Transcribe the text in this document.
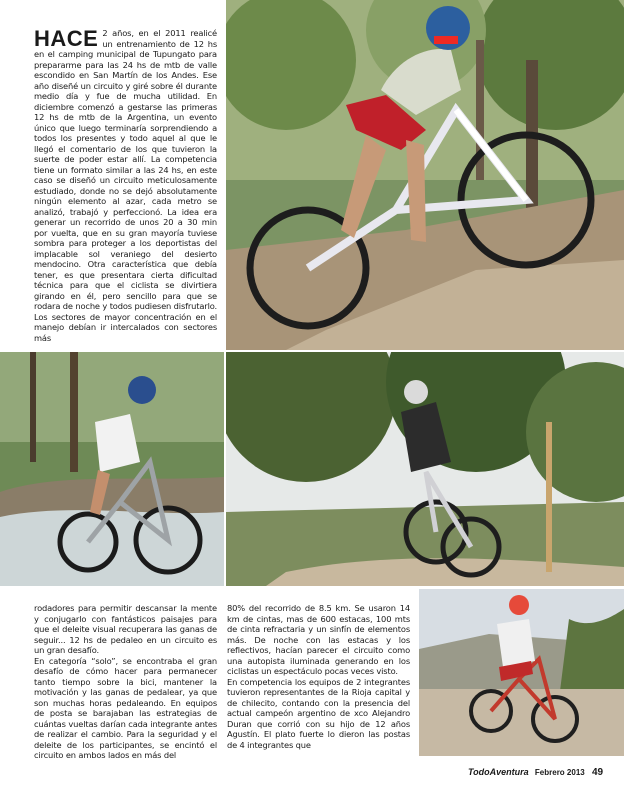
HACE 2 años, en el 2011 realicé un entrenamiento de 12 hs en el camping municipal de Tupungato para prepararme para las 24 hs de mtb de valle escondido en San Martín de los Andes. Ese año diseñé un circuito y giré sobre él durante medio día y fue de mucha utilidad. En diciembre comenzó a gestarse las primeras 12 hs de mtb de la Argentina, un evento único que luego terminaría sorprendiendo a todos los presentes y todo aquel al que le llegó el comentario de los que tuvieron la suerte de poder estar allí. La competencia tiene un formato similar a las 24 hs, en este caso se diseñó un circuito meticulosamente estudiado, donde no se dejó absolutamente ningún elemento al azar, cada metro se analizó, trabajó y perfeccionó. La idea era generar un recorrido de unos 20 a 30 min por vuelta, que en su gran mayoría tuviese sombra para proteger a los deportistas del implacable sol veraniego del desierto mendocino. Otra característica que debía tener, es que presentara cierta dificultad técnica para que el ciclista se divirtiera girando en él, pero sencillo para que se rodara de noche y todos pudiesen disfrutarlo. Los sectores de mayor concentración en el manejo debían ir intercalados con sectores más

rodadores para permitir descansar la mente y conjugarlo con fantásticos paisajes para que el deleite visual recuperara las ganas de seguir... 12 hs de pedaleo en un circuito es un gran desafío.

En categoría “solo”, se encontraba el gran desafío de cómo hacer para permanecer tanto tiempo sobre la bici, mantener la motivación y las ganas de pedalear, ya que son muchas horas pedaleando. En equipos de posta se barajaban las estrategias de cuántas vueltas darían cada integrante antes de realizar el cambio. Para la seguridad y el deleite de los participantes, se encintó el circuito en ambos lados en más del

80% del recorrido de 8.5 km. Se usaron 14 km de cintas, mas de 600 estacas, 100 mts de cinta refractaria y un sinfín de elementos más. De noche con las estacas y los reflectivos, hacían parecer el circuito como una autopista iluminada generando en los ciclistas un espectáculo pocas veces visto.

En competencia los equipos de 2 integrantes tuvieron representantes de la Rioja capital y de chilecito, contando con la presencia del actual campeón argentino de xco Alejandro Duran que corrió con su hijo de 12 años Agustín. El plato fuerte lo dieron las postas de 4 integrantes que

TodoAventura Febrero 2013 49
